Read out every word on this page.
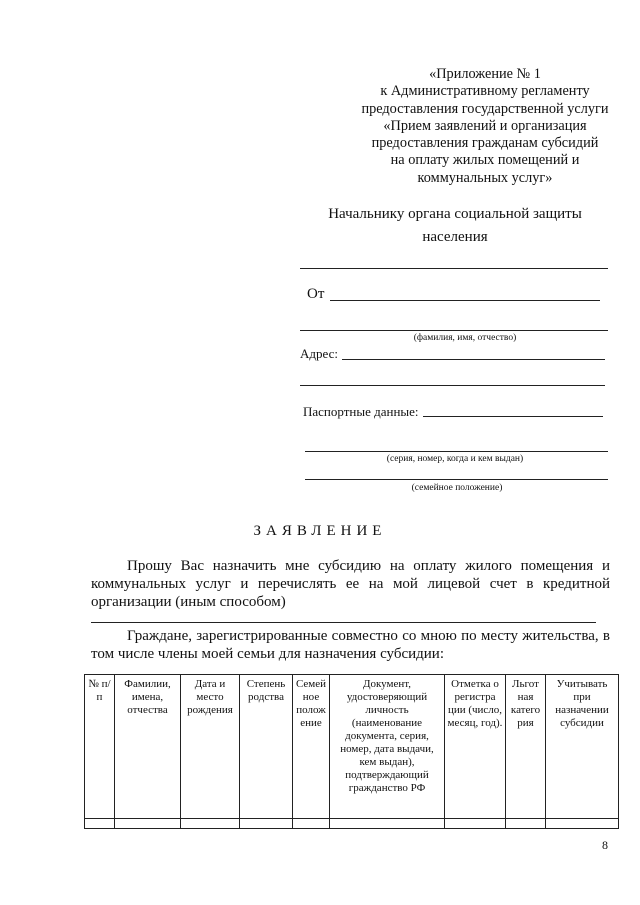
«Приложение № 1
к Административному регламенту
предоставления государственной услуги
«Прием заявлений и организация
предоставления гражданам субсидий
на оплату жилых помещений и
коммунальных услуг»
Начальнику органа социальной защиты
населения
От
(фамилия, имя, отчество)
Адрес:
Паспортные данные:
(серия, номер, когда и кем выдан)
(семейное положение)
ЗАЯВЛЕНИЕ
Прошу Вас назначить мне субсидию на оплату жилого помещения и коммунальных услуг и перечислять ее на мой лицевой счет в кредитной организации (иным способом)
Граждане, зарегистрированные совместно со мною по месту жительства, в том числе члены моей семьи для назначения субсидии:
№ п/п	Фамилии, имена, отчества	Дата и место рождения	Степень родства	Семей ное полож ение	Документ, удостоверяющий личность (наименование документа, серия, номер, дата выдачи, кем выдан), подтверждающий гражданство РФ	Отметка о регистра ции (число, месяц, год).	Льгот ная катего рия	Учитывать при назначении субсидии

8
